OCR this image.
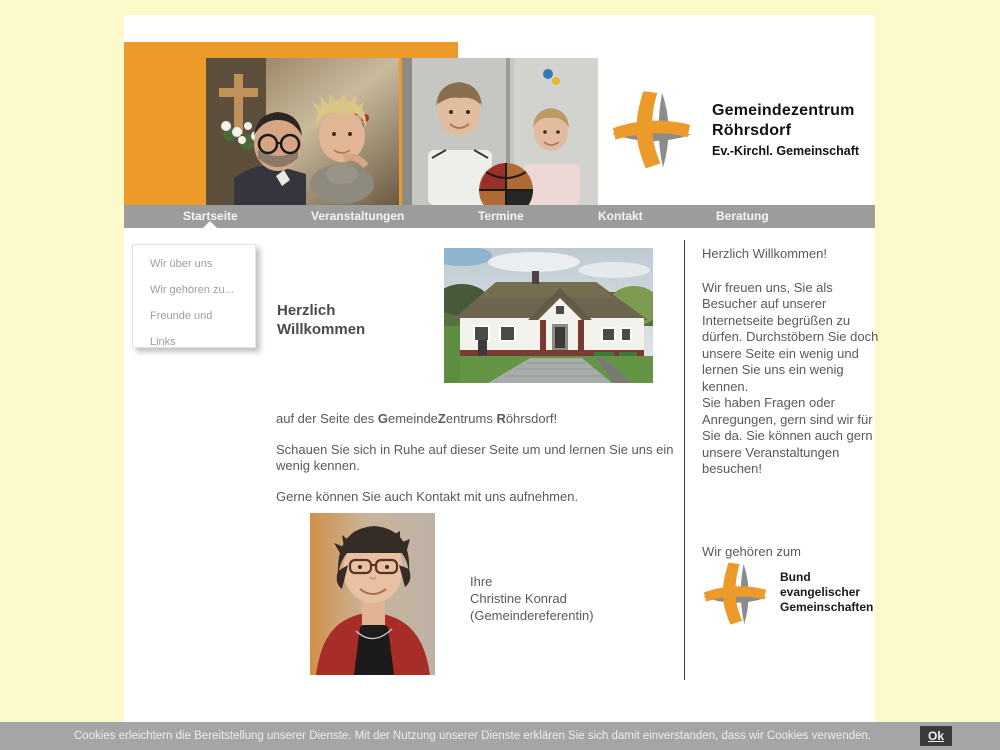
Gemeindezentrum
Röhrsdorf
Ev.-Kirchl. Gemeinschaft
Startseite	Veranstaltungen	Termine	Kontakt	Beratung
Wir über uns
Wir gehören zu...
Freunde und
Links
Herzlich
Willkommen

auf der Seite des GemeindeZentrums Röhrsdorf!

Schauen Sie sich in Ruhe auf dieser Seite um und lernen Sie uns ein wenig kennen.

Gerne können Sie auch Kontakt mit uns aufnehmen.

Ihre
Christine Konrad
(Gemeindereferentin)
Herzlich Willkommen!
Wir freuen uns, Sie als Besucher auf unserer Internetseite begrüßen zu dürfen. Durchstöbern Sie doch unsere Seite ein wenig und lernen Sie uns ein wenig kennen.
Sie haben Fragen oder Anregungen, gern sind wir für Sie da. Sie können auch gern unsere Veranstaltungen besuchen!
Wir gehören zum
Bund
evangelischer
Gemeinschaften
Cookies erleichtern die Bereitstellung unserer Dienste. Mit der Nutzung unserer Dienste erklären Sie sich damit einverstanden, dass wir Cookies verwenden.	Ok
